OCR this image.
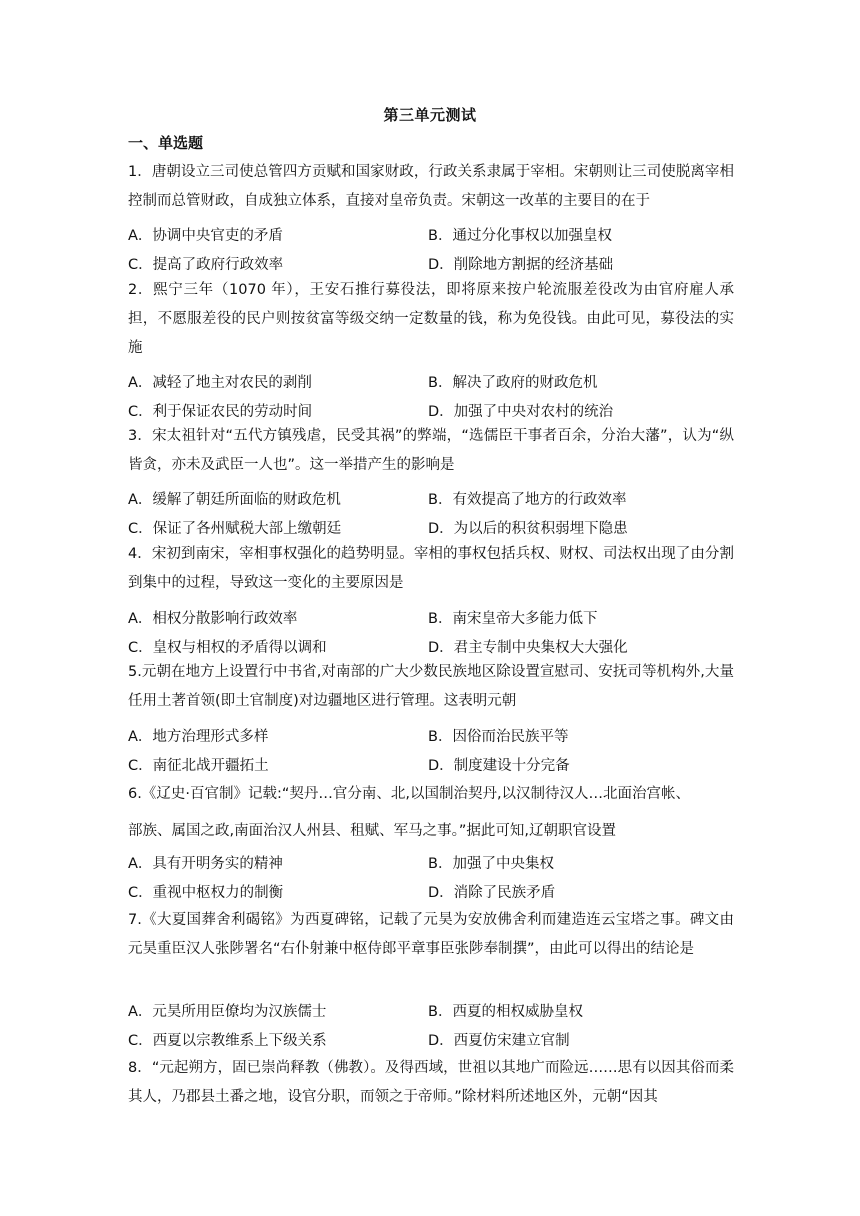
第三单元测试
一、单选题
1．唐朝设立三司使总管四方贡赋和国家财政，行政关系隶属于宰相。宋朝则让三司使脱离宰相控制而总管财政，自成独立体系，直接对皇帝负责。宋朝这一改革的主要目的在于
A．协调中央官吏的矛盾	B．通过分化事权以加强皇权
C．提高了政府行政效率	D．削除地方割据的经济基础
2．熙宁三年（1070 年），王安石推行募役法，即将原来按户轮流服差役改为由官府雇人承担，不愿服差役的民户则按贫富等级交纳一定数量的钱，称为免役钱。由此可见，募役法的实施
A．减轻了地主对农民的剥削	B．解决了政府的财政危机
C．利于保证农民的劳动时间	D．加强了中央对农村的统治
3．宋太祖针对“五代方镇残虐，民受其祸”的弊端，“选儒臣干事者百余，分治大藩”，认为“纵皆贪，亦未及武臣一人也”。这一举措产生的影响是
A．缓解了朝廷所面临的财政危机	B．有效提高了地方的行政效率
C．保证了各州赋税大部上缴朝廷	D．为以后的积贫积弱埋下隐患
4．宋初到南宋，宰相事权强化的趋势明显。宰相的事权包括兵权、财权、司法权出现了由分割到集中的过程，导致这一变化的主要原因是
A．相权分散影响行政效率	B．南宋皇帝大多能力低下
C．皇权与相权的矛盾得以调和	D．君主专制中央集权大大强化
5.元朝在地方上设置行中书省,对南部的广大少数民族地区除设置宣慰司、安抚司等机构外,大量任用土著首领(即土官制度)对边疆地区进行管理。这表明元朝
A．地方治理形式多样	B．因俗而治民族平等
C．南征北战开疆拓土	D．制度建设十分完备
6.《辽史·百官制》记载:“契丹…官分南、北,以国制治契丹,以汉制待汉人…北面治宫帐、
部族、属国之政,南面治汉人州县、租赋、军马之事。”据此可知,辽朝职官设置
A．具有开明务实的精神	B．加强了中央集权
C．重视中枢权力的制衡	D．消除了民族矛盾
7.《大夏国葬舍利碣铭》为西夏碑铭，记载了元昊为安放佛舍利而建造连云宝塔之事。碑文由元昊重臣汉人张陟署名“右仆射兼中枢侍郎平章事臣张陟奉制撰”，由此可以得出的结论是
A．元昊所用臣僚均为汉族儒士	B．西夏的相权威胁皇权
C．西夏以宗教维系上下级关系	D．西夏仿宋建立官制
8．“元起朔方，固已崇尚释教（佛教）。及得西域，世祖以其地广而险远……思有以因其俗而柔其人，乃郡县土番之地，设官分职，而领之于帝师。”除材料所述地区外，元朝“因其
